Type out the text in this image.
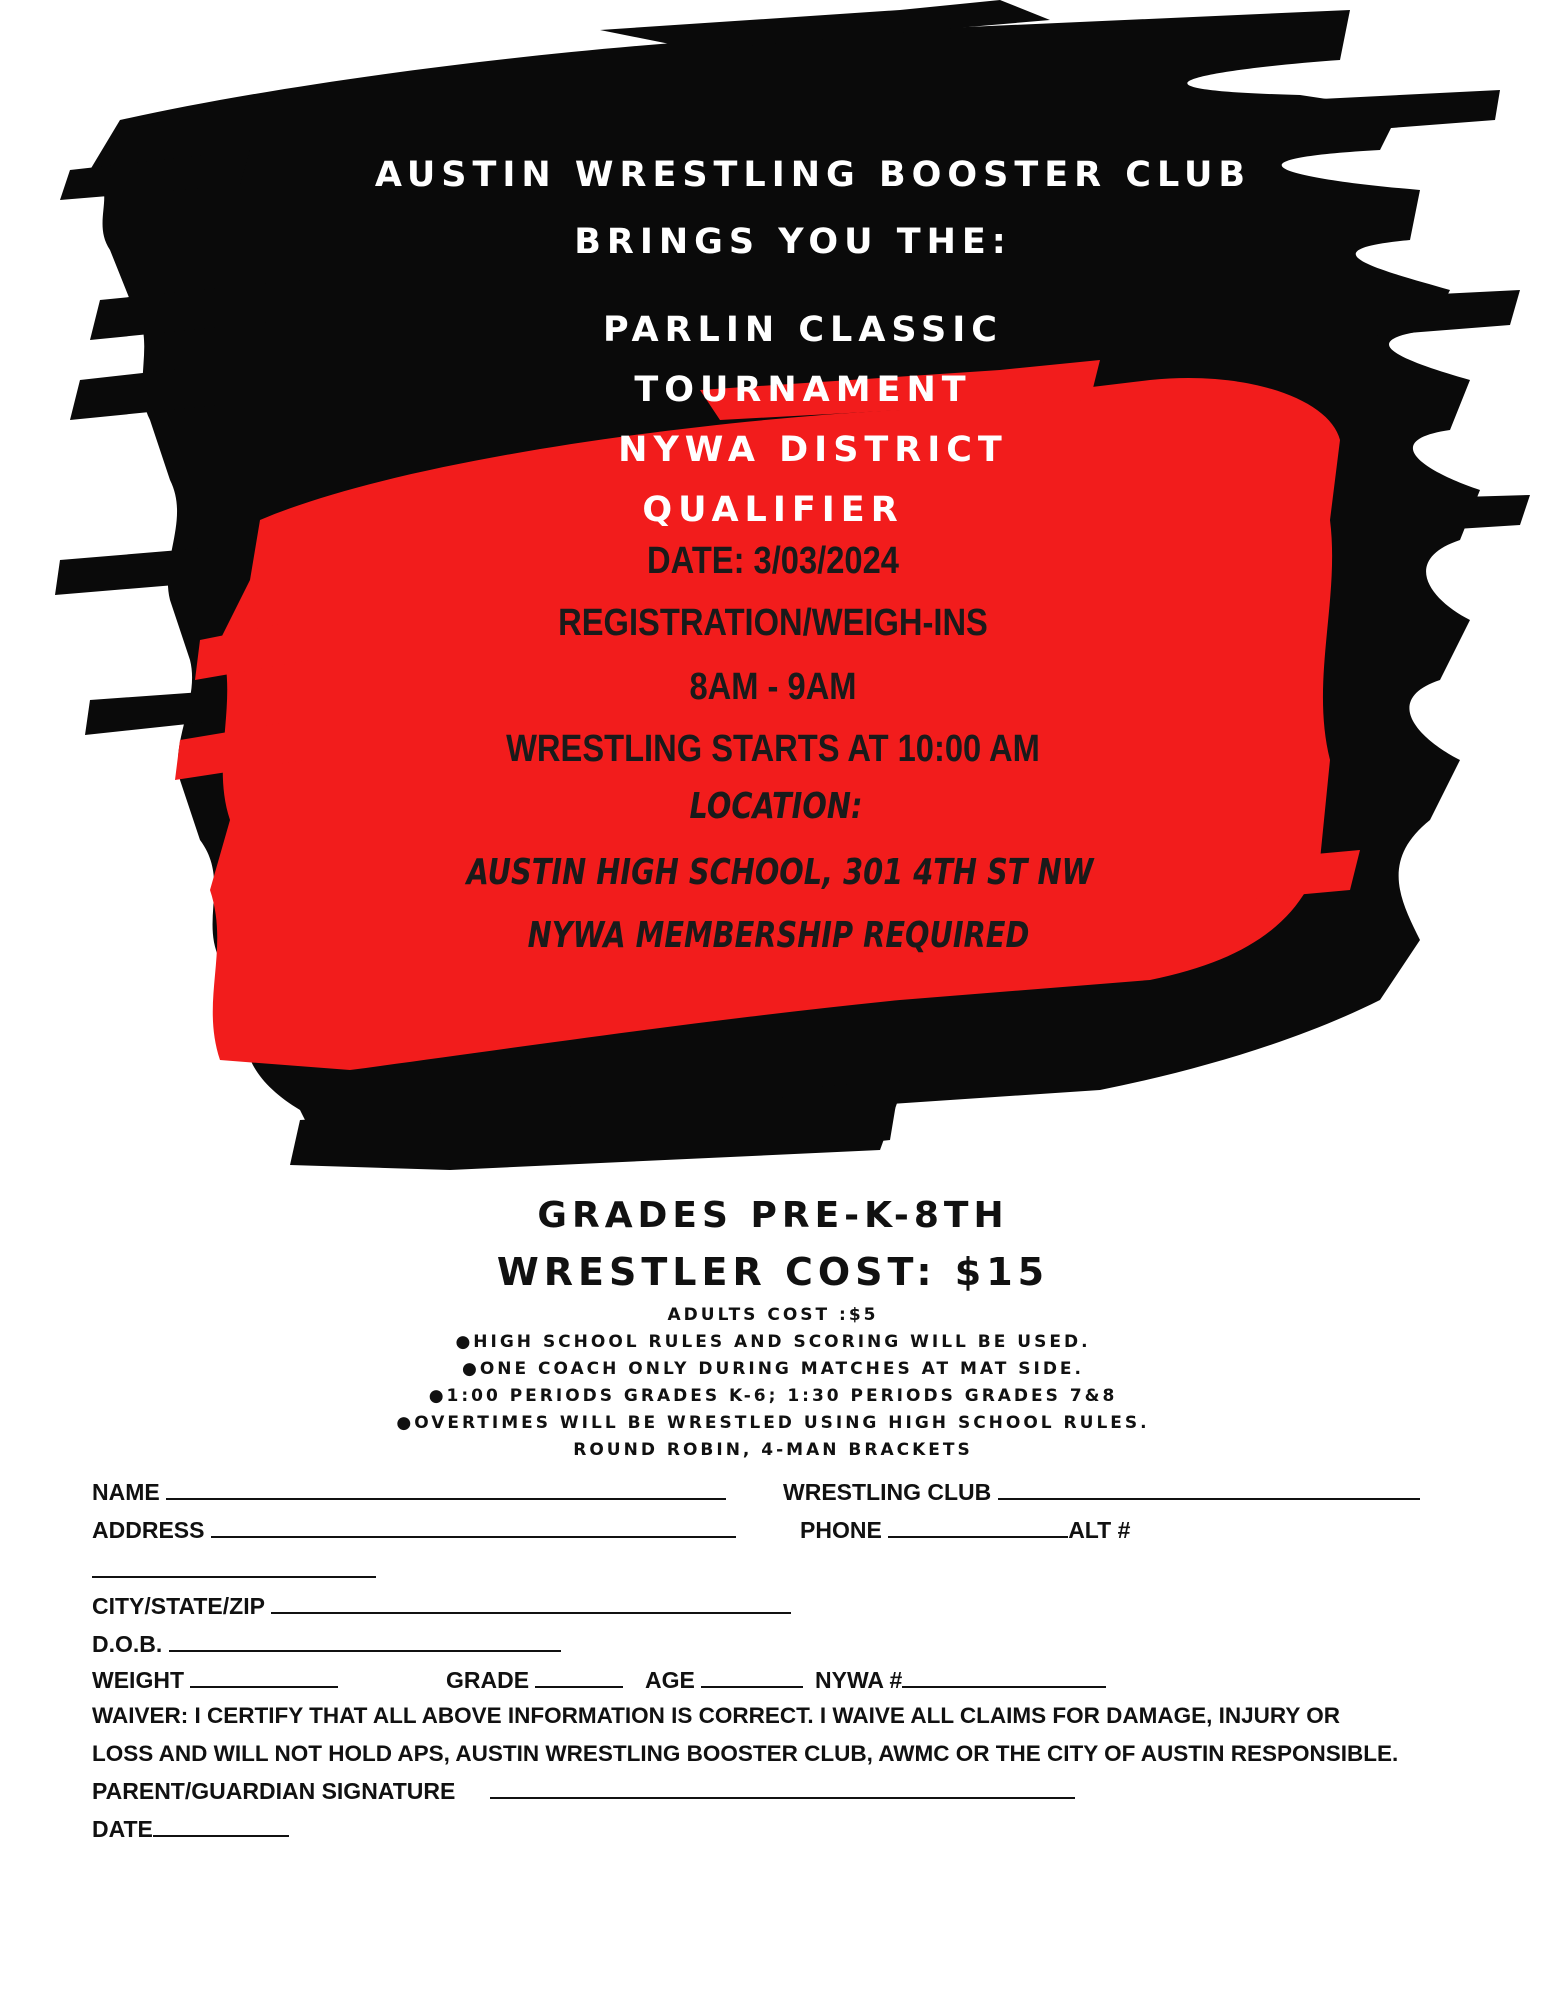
AUSTIN WRESTLING BOOSTER CLUB
BRINGS YOU THE:
PARLIN CLASSIC
TOURNAMENT
NYWA DISTRICT
QUALIFIER
DATE: 3/03/2024
REGISTRATION/WEIGH-INS
8AM - 9AM
WRESTLING STARTS AT 10:00 AM
LOCATION:
AUSTIN HIGH SCHOOL, 301 4TH ST NW
NYWA MEMBERSHIP REQUIRED
GRADES PRE-K-8TH
WRESTLER COST: $15
ADULTS COST :$5
●HIGH SCHOOL RULES AND SCORING WILL BE USED.
●ONE COACH ONLY DURING MATCHES AT MAT SIDE.
●1:00 PERIODS GRADES K-6; 1:30 PERIODS GRADES 7&8
●OVERTIMES WILL BE WRESTLED USING HIGH SCHOOL RULES.
ROUND ROBIN, 4-MAN BRACKETS
NAME	WRESTLING CLUB
ADDRESS	PHONE	ALT #
CITY/STATE/ZIP
D.O.B.
WEIGHT	GRADE	AGE	NYWA #
WAIVER: I CERTIFY THAT ALL ABOVE INFORMATION IS CORRECT. I WAIVE ALL CLAIMS FOR DAMAGE, INJURY OR
LOSS AND WILL NOT HOLD APS, AUSTIN WRESTLING BOOSTER CLUB, AWMC OR THE CITY OF AUSTIN RESPONSIBLE.
PARENT/GUARDIAN SIGNATURE
DATE
